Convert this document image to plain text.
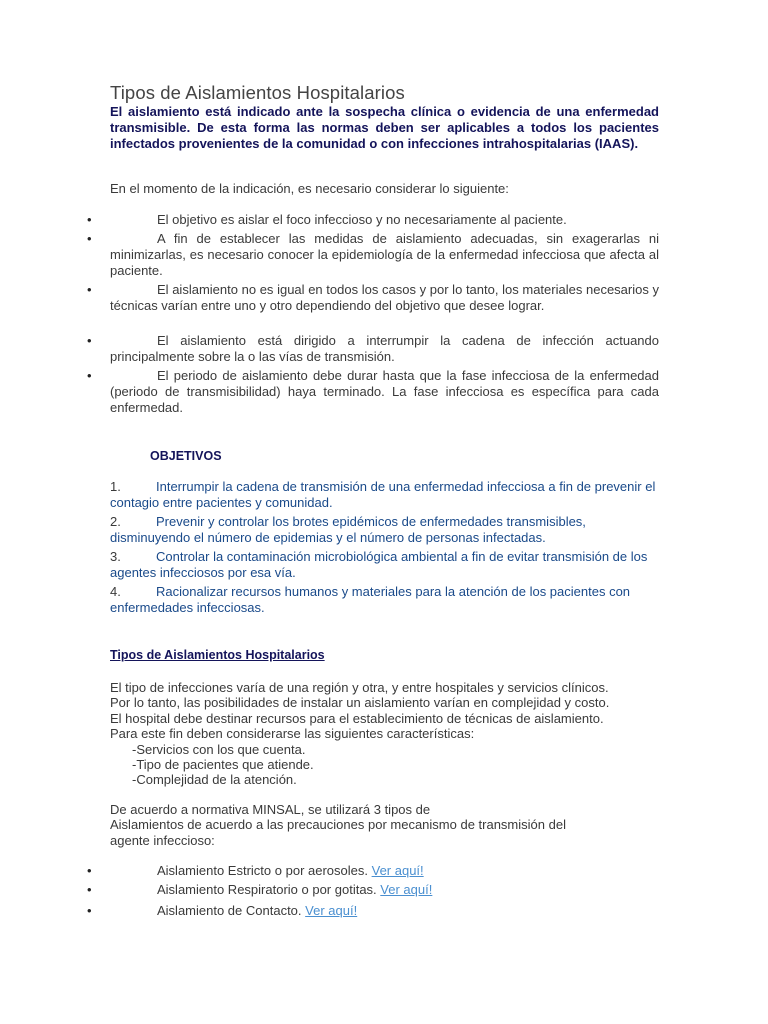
Tipos de Aislamientos Hospitalarios

El aislamiento está indicado ante la sospecha clínica o evidencia de una enfermedad transmisible. De esta forma las normas deben ser aplicables a todos los pacientes infectados provenientes de la comunidad o con infecciones intrahospitalarias (IAAS).

En el momento de la indicación, es necesario considerar lo siguiente:

•	El objetivo es aislar el foco infeccioso y no necesariamente al paciente.
•	A fin de establecer las medidas de aislamiento adecuadas, sin exagerarlas ni minimizarlas, es necesario conocer la epidemiología de la enfermedad infecciosa que afecta al paciente.
•	El aislamiento no es igual en todos los casos y por lo tanto, los materiales necesarios y técnicas varían entre uno y otro dependiendo del objetivo que desee lograr.
•	El aislamiento está dirigido a interrumpir la cadena de infección actuando principalmente sobre la o las vías de transmisión.
•	El periodo de aislamiento debe durar hasta que la fase infecciosa de la enfermedad (periodo de transmisibilidad) haya terminado. La fase infecciosa es específica para cada enfermedad.
OBJETIVOS
1.	Interrumpir la cadena de transmisión de una enfermedad infecciosa a fin de prevenir el contagio entre pacientes y comunidad.
2.	Prevenir y controlar los brotes epidémicos de enfermedades transmisibles, disminuyendo el número de epidemias y el número de personas infectadas.
3.	Controlar la contaminación microbiológica ambiental a fin de evitar transmisión de los agentes infecciosos por esa vía.
4.	Racionalizar recursos humanos y materiales para la atención de los pacientes con enfermedades infecciosas.
Tipos de Aislamientos Hospitalarios
El tipo de infecciones varía de una región y otra, y entre hospitales y servicios clínicos.
Por lo tanto, las posibilidades de instalar un aislamiento varían en complejidad y costo.
El hospital debe destinar recursos para el establecimiento de técnicas de aislamiento.
Para este fin deben considerarse las siguientes características:
-Servicios con los que cuenta.
-Tipo de pacientes que atiende.
-Complejidad de la atención.
De acuerdo a normativa MINSAL, se utilizará 3 tipos de
Aislamientos de acuerdo a las precauciones por mecanismo de transmisión del
agente infeccioso:
•	Aislamiento Estricto o por aerosoles. Ver aquí!
•	Aislamiento Respiratorio o por gotitas. Ver aquí!
•	Aislamiento de Contacto. Ver aquí!
